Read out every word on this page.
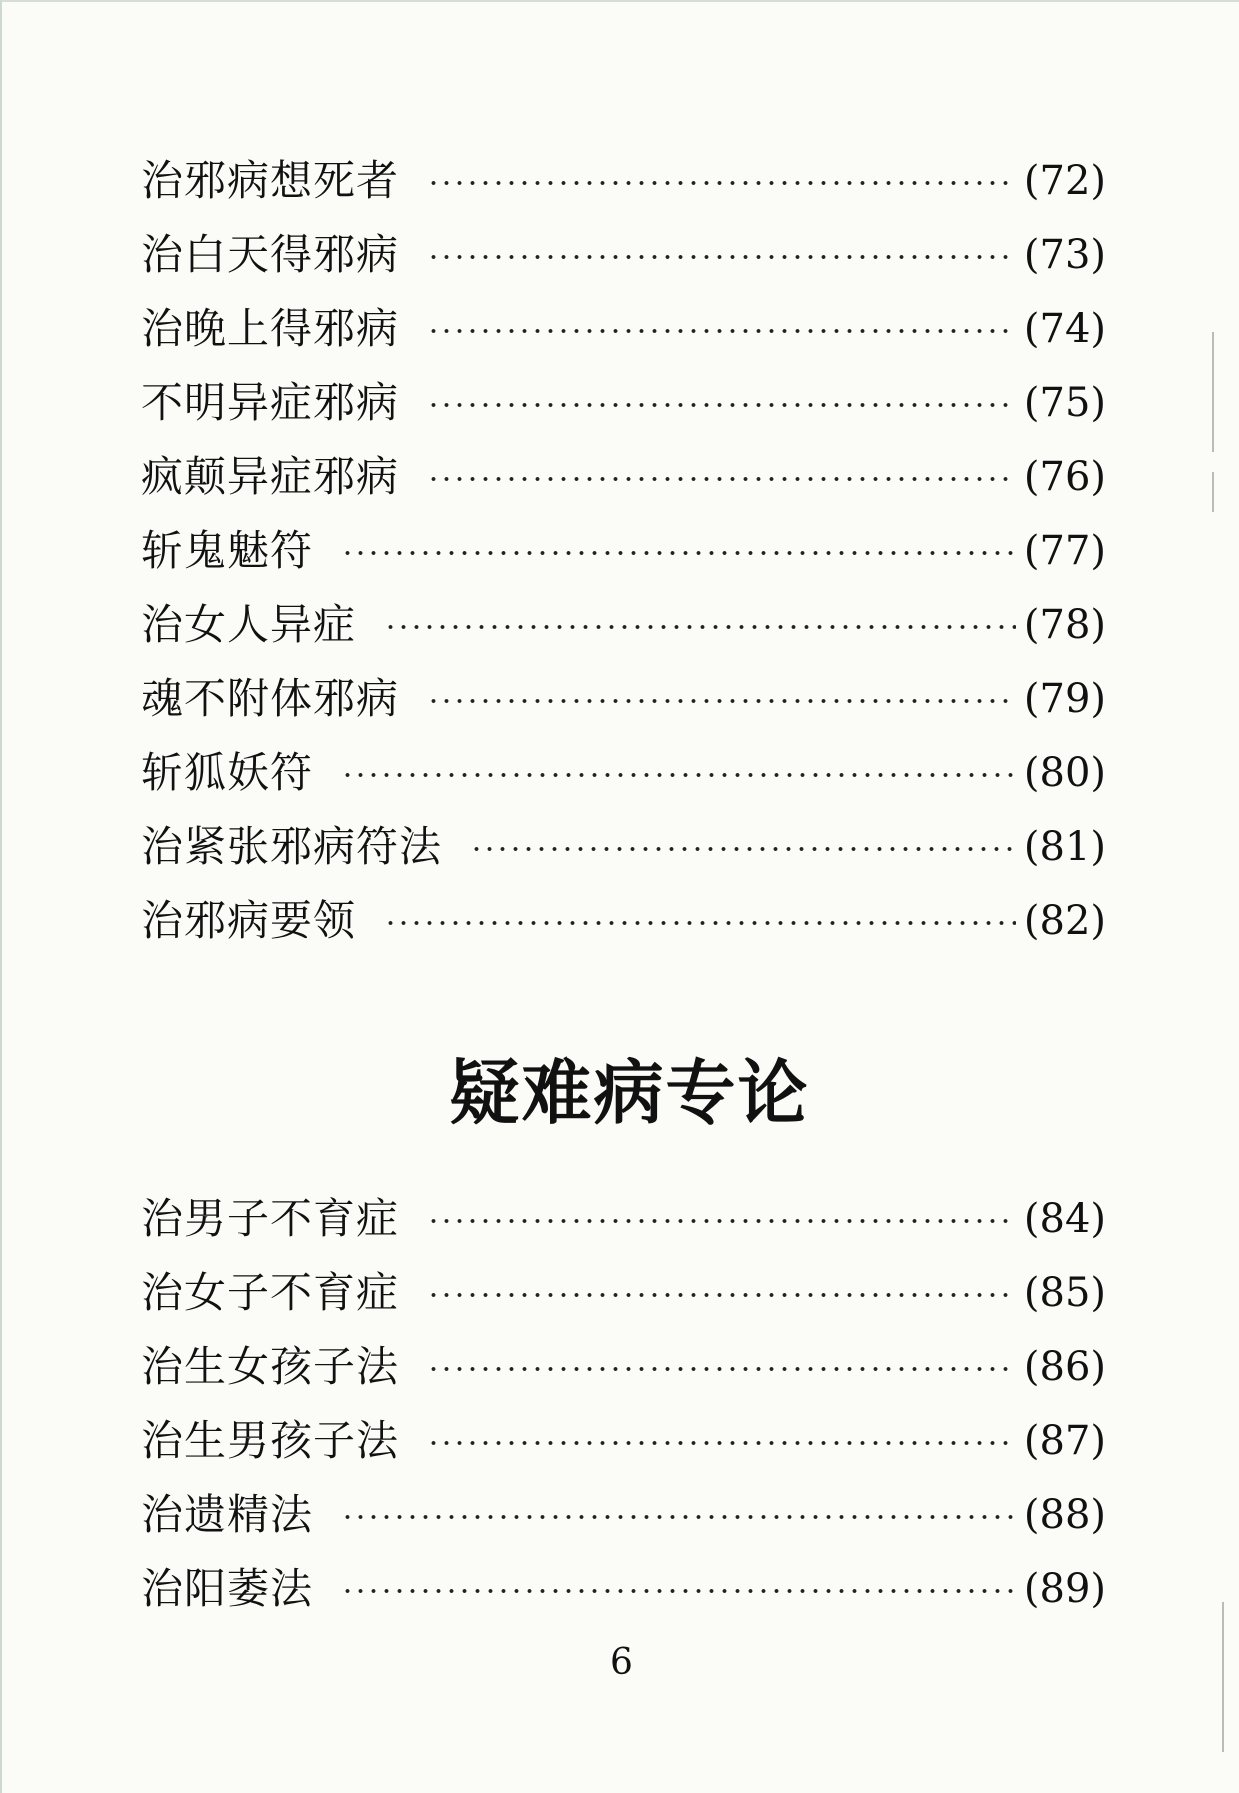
治邪病想死者	(72)
治白天得邪病	(73)
治晚上得邪病	(74)
不明异症邪病	(75)
疯颠异症邪病	(76)
斩鬼魅符	(77)
治女人异症	(78)
魂不附体邪病	(79)
斩狐妖符	(80)
治紧张邪病符法	(81)
治邪病要领	(82)
疑难病专论
治男子不育症	(84)
治女子不育症	(85)
治生女孩子法	(86)
治生男孩子法	(87)
治遗精法	(88)
治阳萎法	(89)
6
